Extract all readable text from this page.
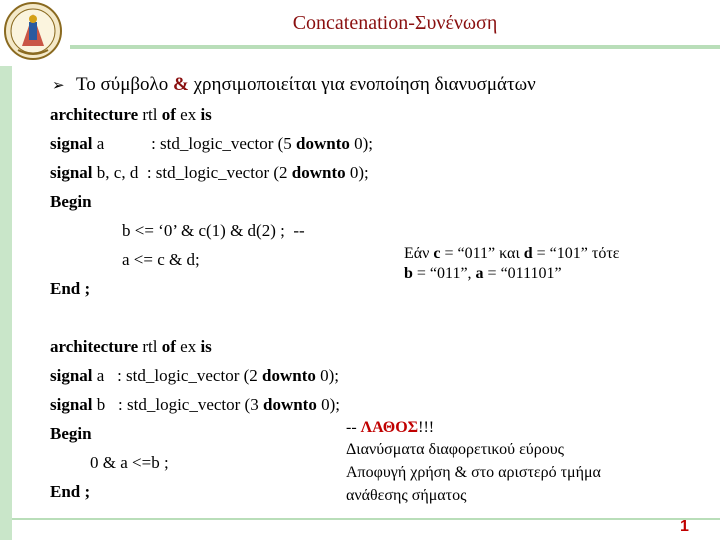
Concatenation-Συνένωση
➢ Το σύμβολο & χρησιμοποιείται για ενοποίηση διανυσμάτων
architecture rtl of ex is
signal a           : std_logic_vector (5 downto 0);
signal b, c, d  : std_logic_vector (2 downto 0);
Begin
b <= ‘0’ & c(1) & d(2) ;  --
a <= c & d;
End ;
Εάν c = “011” και d = “101” τότε
b = “011”, a = “011101”
architecture rtl of ex is
signal a   : std_logic_vector (2 downto 0);
signal b   : std_logic_vector (3 downto 0);
Begin
0 & a <=b ;
End ;
-- ΛΑΘΟΣ!!!
Διανύσματα διαφορετικού εύρους
Αποφυγή χρήση & στο αριστερό τμήμα
ανάθεσης σήματος
1
